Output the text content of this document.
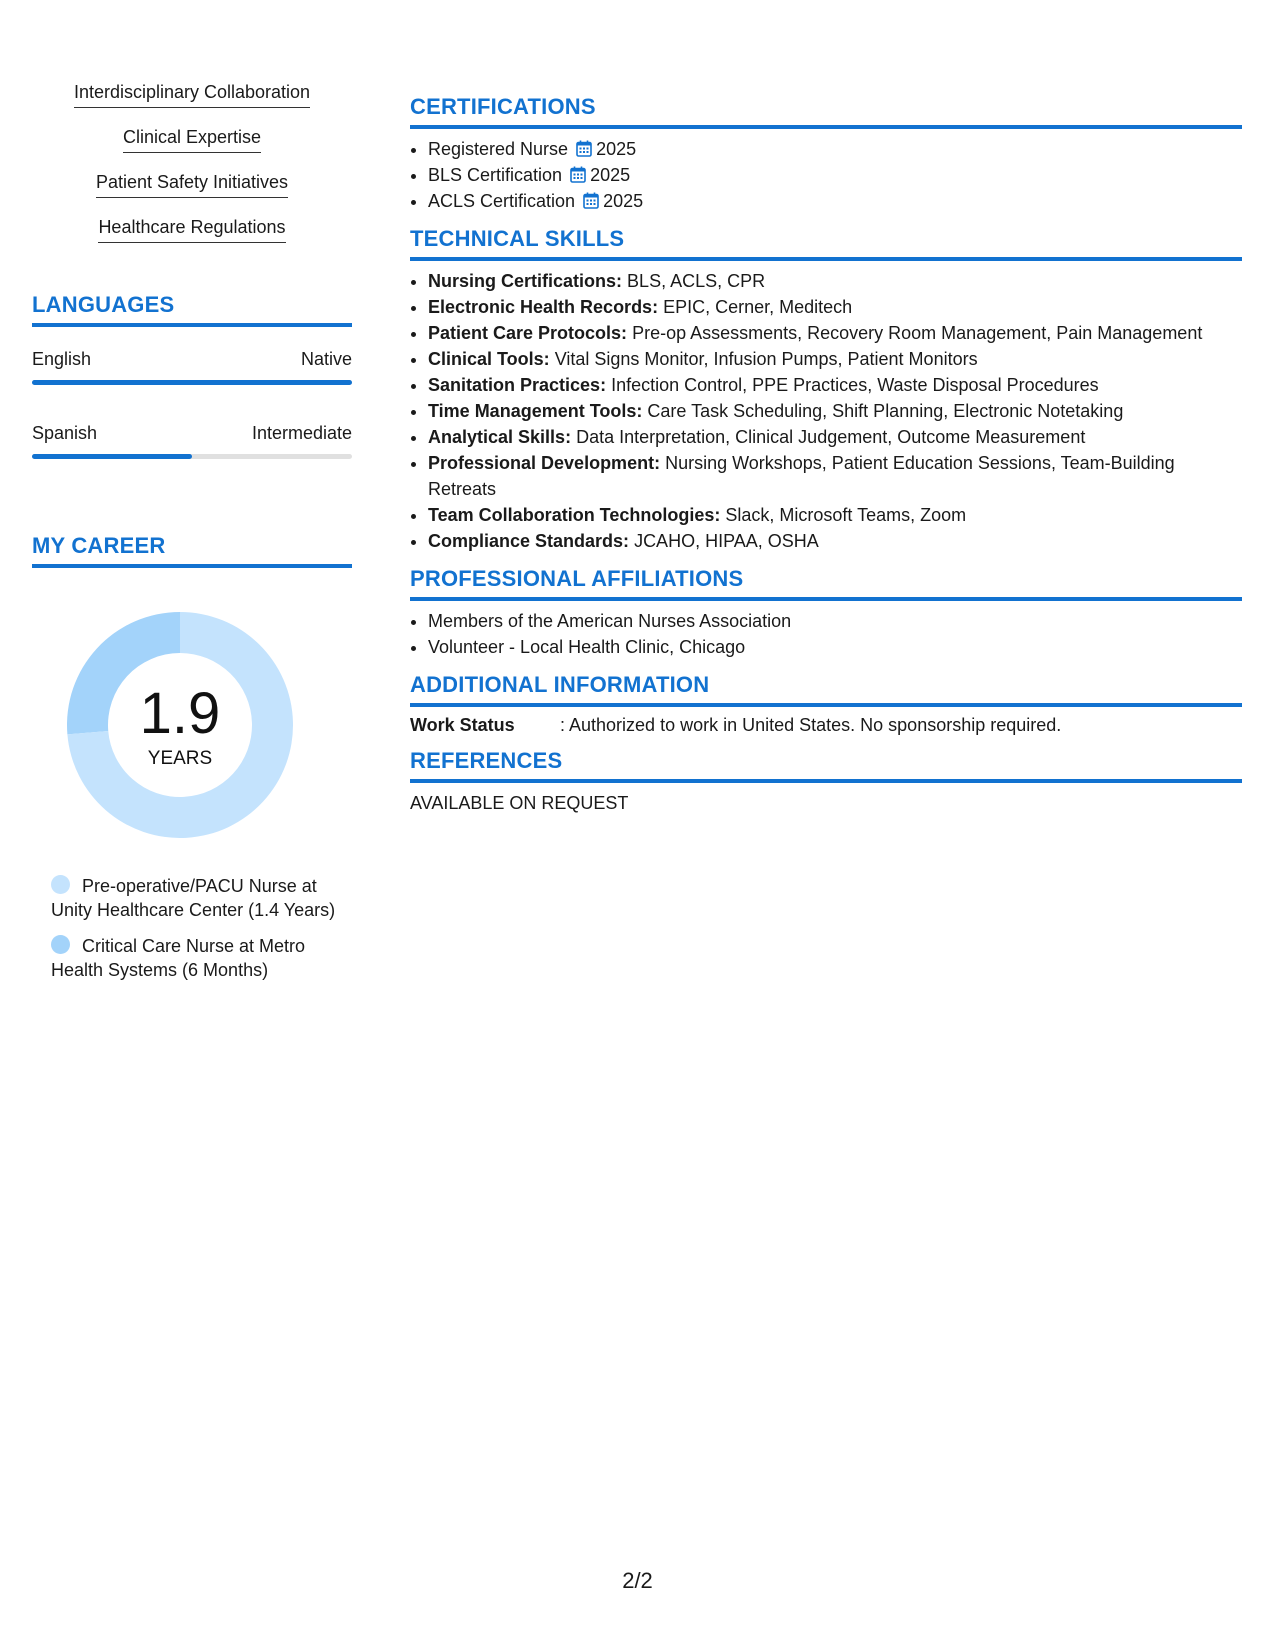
Interdisciplinary Collaboration
Clinical Expertise
Patient Safety Initiatives
Healthcare Regulations
LANGUAGES
English	Native
Spanish	Intermediate
MY CAREER
1.9
YEARS
Pre-operative/PACU Nurse at Unity Healthcare Center (1.4 Years)
Critical Care Nurse at Metro Health Systems (6 Months)
CERTIFICATIONS
• Registered Nurse 2025
• BLS Certification 2025
• ACLS Certification 2025
TECHNICAL SKILLS
• Nursing Certifications: BLS, ACLS, CPR
• Electronic Health Records: EPIC, Cerner, Meditech
• Patient Care Protocols: Pre-op Assessments, Recovery Room Management, Pain Management
• Clinical Tools: Vital Signs Monitor, Infusion Pumps, Patient Monitors
• Sanitation Practices: Infection Control, PPE Practices, Waste Disposal Procedures
• Time Management Tools: Care Task Scheduling, Shift Planning, Electronic Notetaking
• Analytical Skills: Data Interpretation, Clinical Judgement, Outcome Measurement
• Professional Development: Nursing Workshops, Patient Education Sessions, Team-Building Retreats
• Team Collaboration Technologies: Slack, Microsoft Teams, Zoom
• Compliance Standards: JCAHO, HIPAA, OSHA
PROFESSIONAL AFFILIATIONS
• Members of the American Nurses Association
• Volunteer - Local Health Clinic, Chicago
ADDITIONAL INFORMATION
Work Status	: Authorized to work in United States. No sponsorship required.
REFERENCES
AVAILABLE ON REQUEST
2/2
